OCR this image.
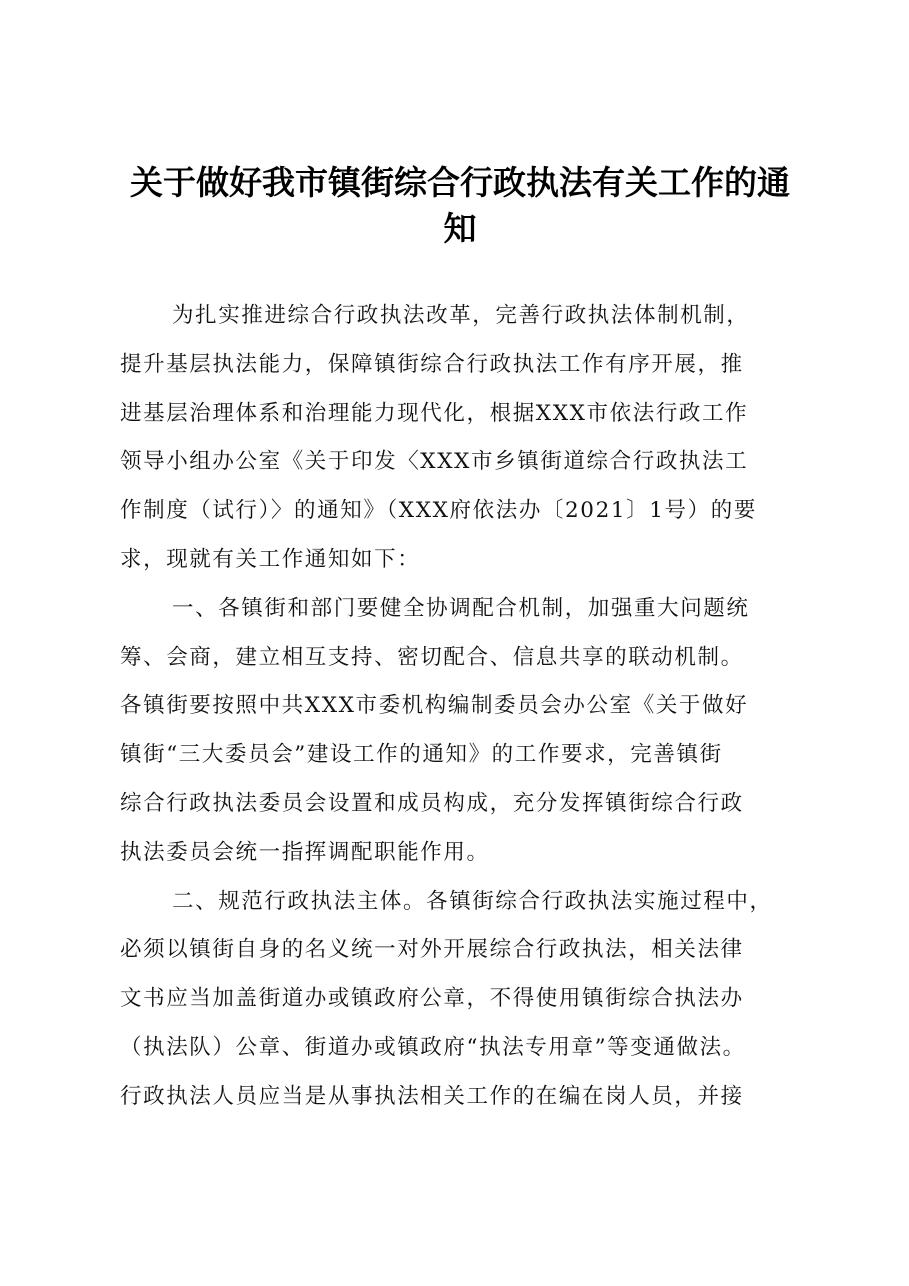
关于做好我市镇街综合行政执法有关工作的通
知
为扎实推进综合行政执法改革，完善行政执法体制机制，
提升基层执法能力，保障镇街综合行政执法工作有序开展，推
进基层治理体系和治理能力现代化，根据XXX市依法行政工作
领导小组办公室《关于印发〈XXX市乡镇街道综合行政执法工
作制度（试行）〉的通知》（XXX府依法办〔2021〕1号）的要
求，现就有关工作通知如下：
一、各镇街和部门要健全协调配合机制，加强重大问题统
筹、会商，建立相互支持、密切配合、信息共享的联动机制。
各镇街要按照中共XXX市委机构编制委员会办公室《关于做好
镇街“三大委员会”建设工作的通知》的工作要求，完善镇街
综合行政执法委员会设置和成员构成，充分发挥镇街综合行政
执法委员会统一指挥调配职能作用。
二、规范行政执法主体。各镇街综合行政执法实施过程中，
必须以镇街自身的名义统一对外开展综合行政执法，相关法律
文书应当加盖街道办或镇政府公章，不得使用镇街综合执法办
（执法队）公章、街道办或镇政府“执法专用章”等变通做法。
行政执法人员应当是从事执法相关工作的在编在岗人员，并接
